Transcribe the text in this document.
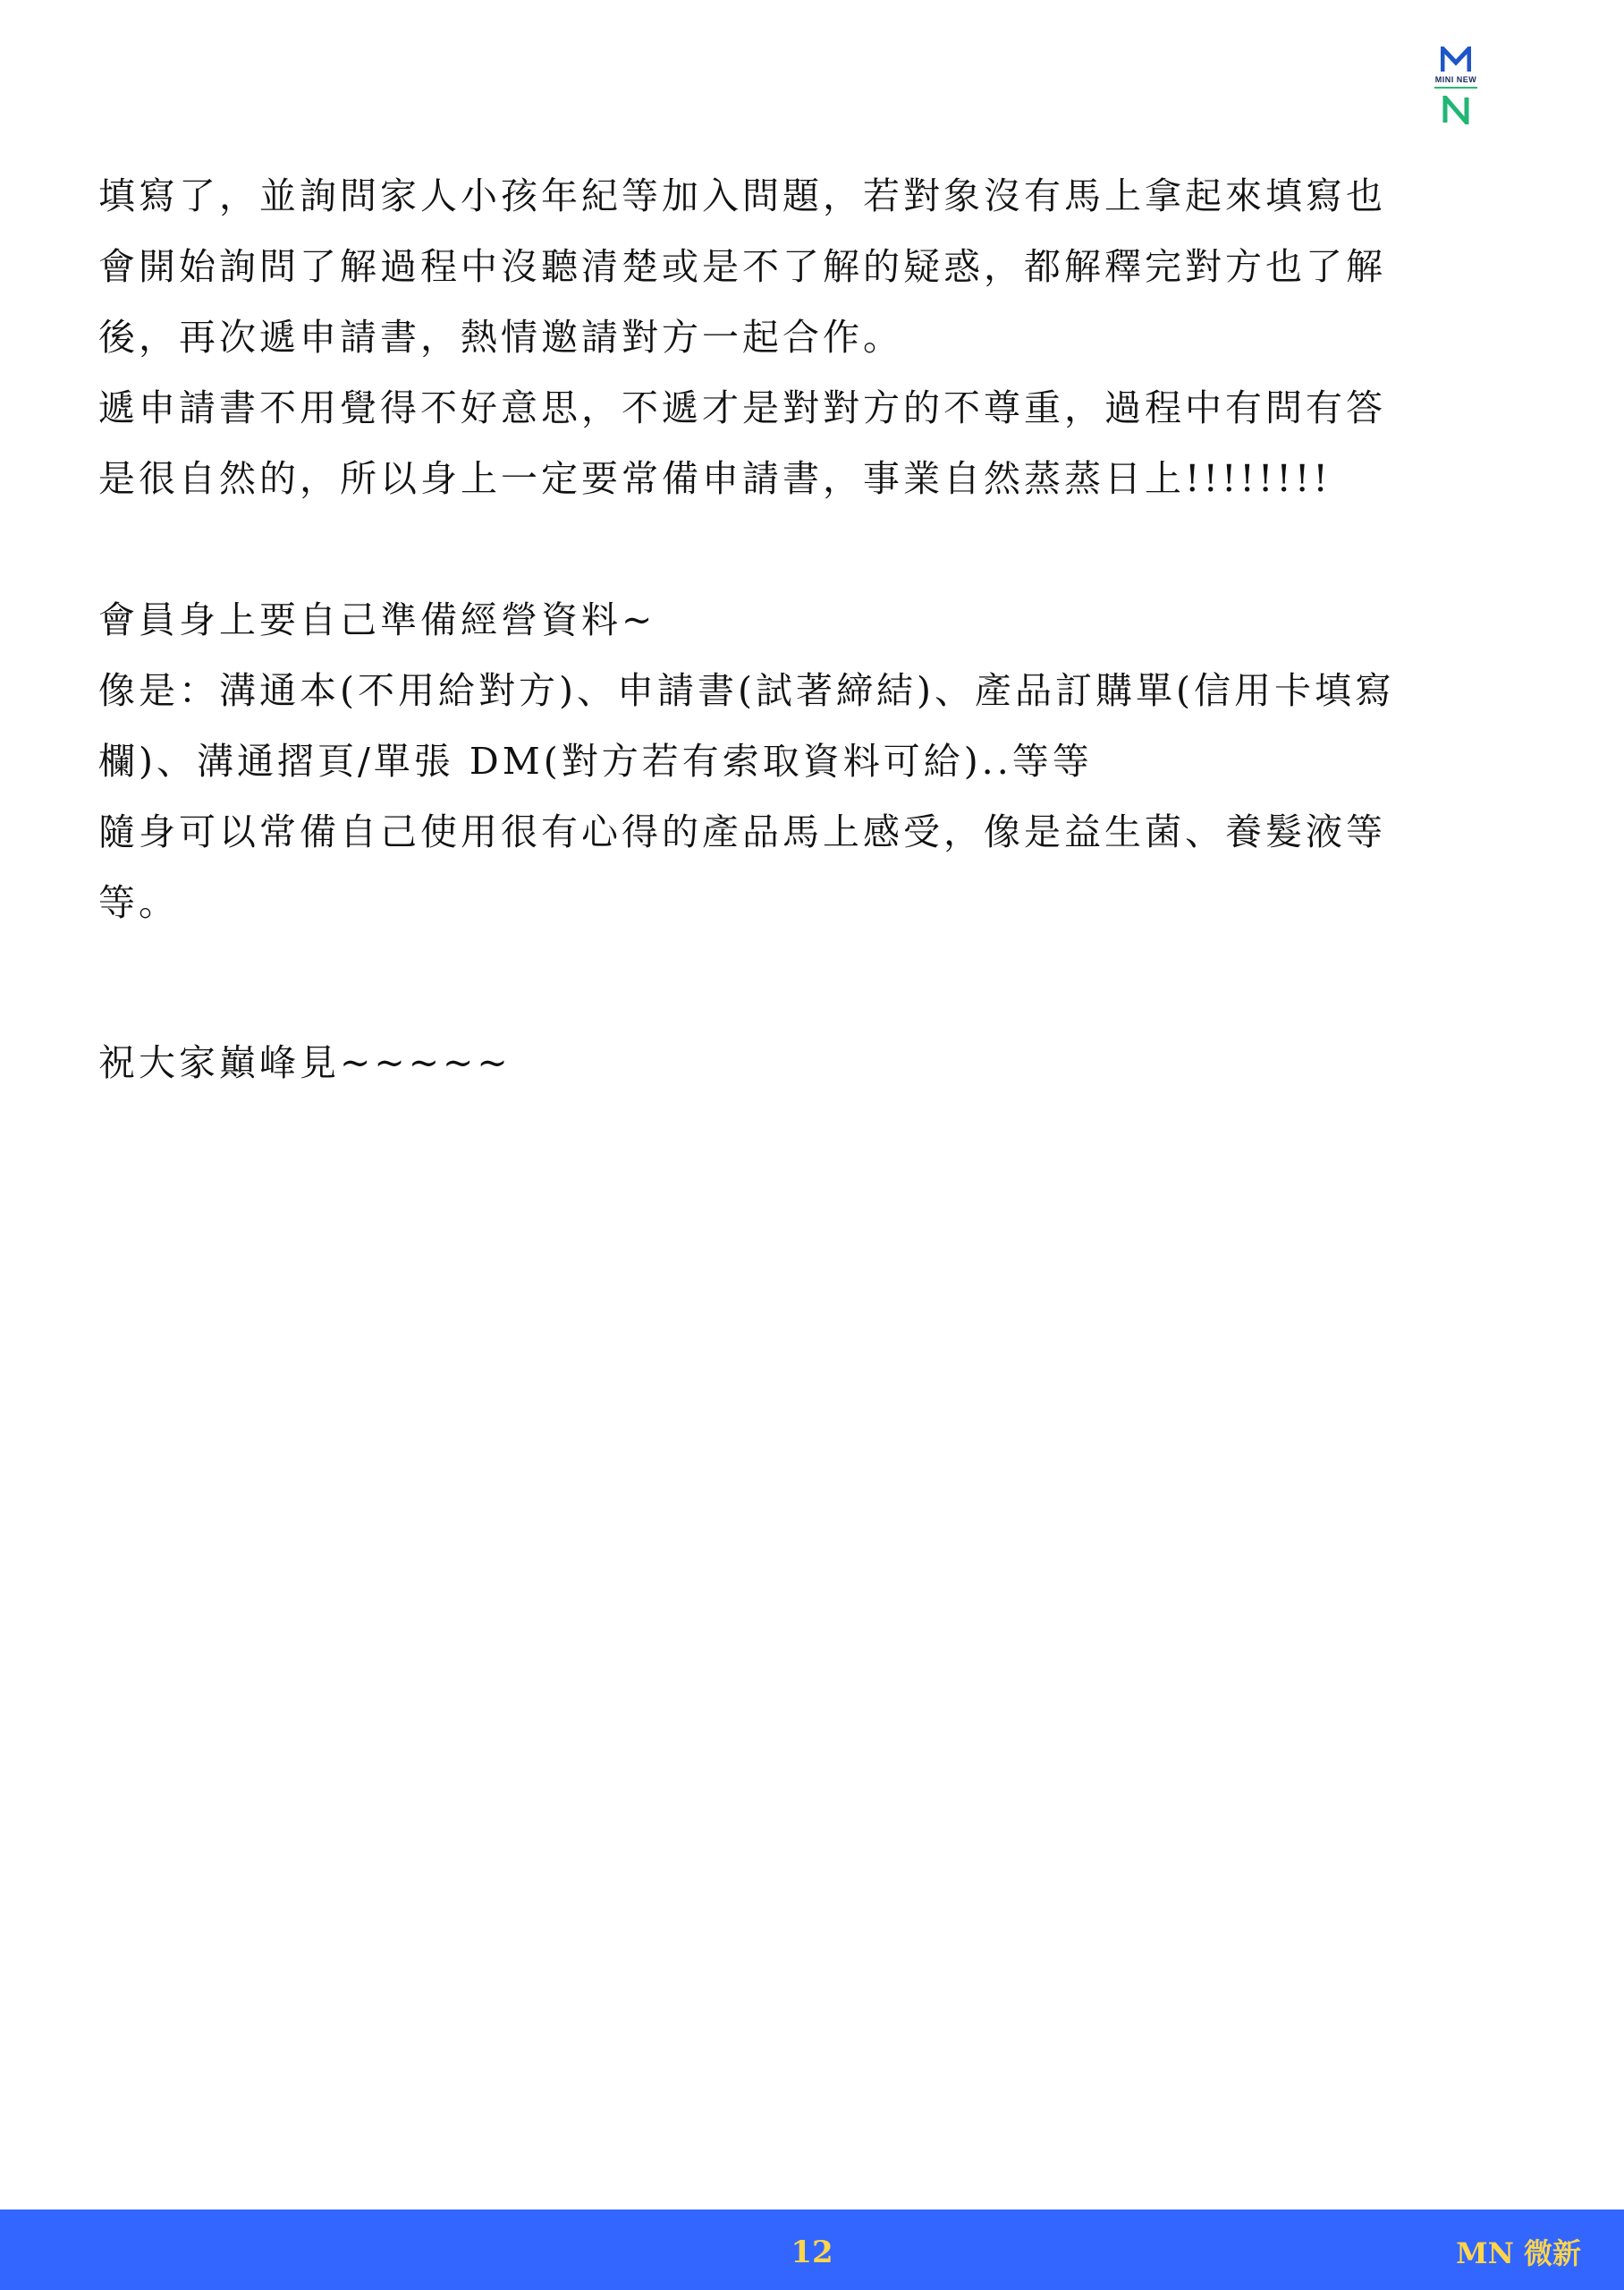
MINI NEW
填寫了，並詢問家人小孩年紀等加入問題，若對象沒有馬上拿起來填寫也
會開始詢問了解過程中沒聽清楚或是不了解的疑惑，都解釋完對方也了解
後，再次遞申請書，熱情邀請對方一起合作。
遞申請書不用覺得不好意思，不遞才是對對方的不尊重，過程中有問有答
是很自然的，所以身上一定要常備申請書，事業自然蒸蒸日上!!!!!!!!
會員身上要自己準備經營資料~
像是：溝通本(不用給對方)、申請書(試著締結)、產品訂購單(信用卡填寫
欄)、溝通摺頁/單張 DM(對方若有索取資料可給)..等等
隨身可以常備自己使用很有心得的產品馬上感受，像是益生菌、養髮液等
等。
祝大家巔峰見~~~~~
12	MN 微新
